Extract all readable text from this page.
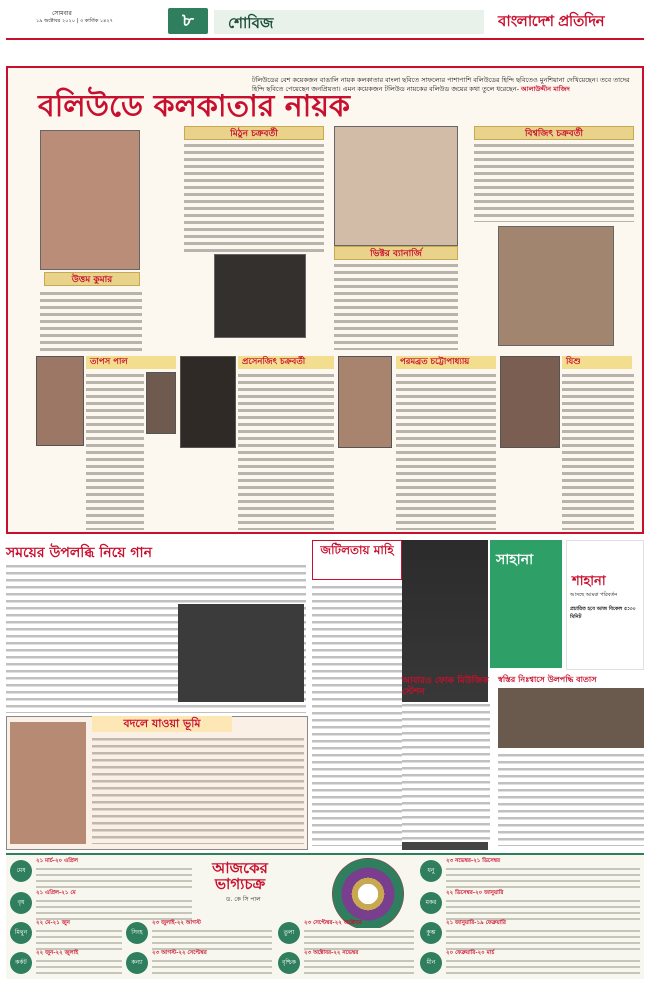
সোমবার
১৯ অক্টোবর ২০২০ | ৩ কার্তিক ১৪২৭	৮	শোবিজ	বাংলাদেশ প্রতিদিন
বলিউডে কলকাতার নায়ক
টলিউডের বেশ কয়েকজন বাঙালি নায়ক কলকাতার বাংলা ছবিতে সাফল্যের পাশাপাশি বলিউডের হিন্দি ছবিতেও মুনশিয়ানা দেখিয়েছেন। তবে তাদের হিন্দি ছবিতে পেয়েছেন জনপ্রিয়তা। এমন কয়েকজন টলিউড নায়কের বলিউড জয়ের কথা তুলে ধরেছেন- আলাউদ্দীন মাজিদ
উত্তম কুমার
মিঠুন চক্রবর্তী
ভিক্টর ব্যানার্জি
বিশ্বজিৎ চক্রবর্তী
তাপস পাল	প্রসেনজিৎ চক্রবর্তী	পরমব্রত চট্টোপাধ্যায়	যিশু
সময়ের উপলব্ধি নিয়ে গান
বদলে যাওয়া ভূমি
জটিলতায় মাহি
সাহানা
শাহানা
আসছে আমরা পরিবর্তন
প্রচারিত হবে আজ বিকেল ৫:৩০ মিনিট
আবারও ফোক মিউজিক স্টেশন
স্বস্তির নিঃশ্বাসে উলপদ্ধি বাতাস
আজকের ভাগ্যচক্র
ড. কে সি পাল
মেষ
২১ মার্চ-২০ এপ্রিল
বৃষ
২১ এপ্রিল-২১ মে
মিথুন
২২ মে-২১ জুন
কর্কট
২২ জুন-২২ জুলাই
সিংহ
২৩ জুলাই-২২ আগস্ট
কন্যা
২৩ আগস্ট-২২ সেপ্টেম্বর
তুলা
২৩ সেপ্টেম্বর-২২ অক্টোবর
বৃশ্চিক
২৩ অক্টোবর-২২ নভেম্বর
ধনু
২৩ নভেম্বর-২১ ডিসেম্বর
মকর
২২ ডিসেম্বর-২০ জানুয়ারি
কুম্ভ
২১ জানুয়ারি-১৯ ফেব্রুয়ারি
মীন
২০ ফেব্রুয়ারি-২০ মার্চ
